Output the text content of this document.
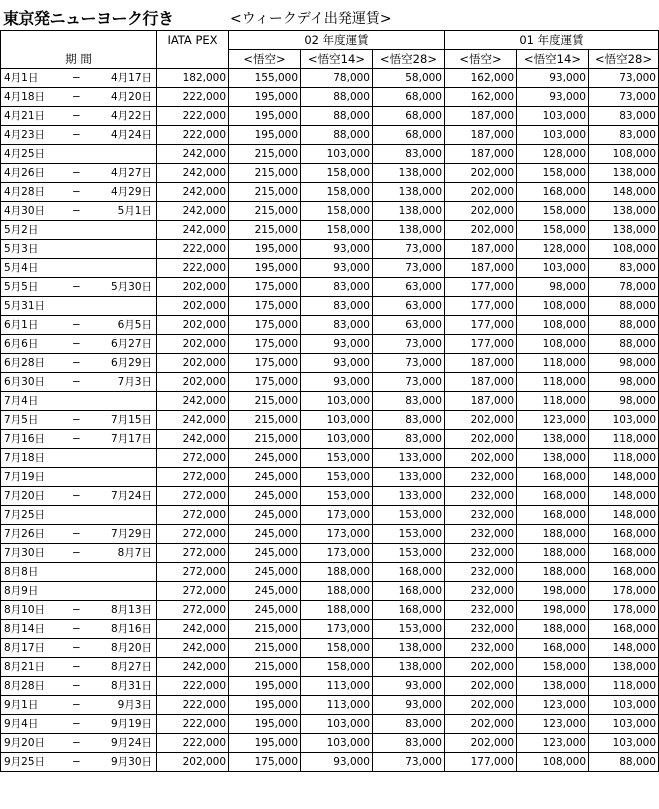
東京発ニューヨーク行き	<ウィークデイ出発運賃>
期 間	IATA PEX	02 年度運賃			01 年度運賃		
		<悟空>	<悟空14>	<悟空28>	<悟空>	<悟空14>	<悟空28>

4月1日 − 4月17日	182,000	155,000	78,000	58,000	162,000	93,000	73,000

4月18日 − 4月20日	222,000	195,000	88,000	68,000	162,000	93,000	73,000

4月21日 − 4月22日	222,000	195,000	88,000	68,000	187,000	103,000	83,000

4月23日 − 4月24日	222,000	195,000	88,000	68,000	187,000	103,000	83,000

4月25日	242,000	215,000	103,000	83,000	187,000	128,000	108,000

4月26日 − 4月27日	242,000	215,000	158,000	138,000	202,000	158,000	138,000

4月28日 − 4月29日	242,000	215,000	158,000	138,000	202,000	168,000	148,000

4月30日 − 5月1日	242,000	215,000	158,000	138,000	202,000	158,000	138,000

5月2日	242,000	215,000	158,000	138,000	202,000	158,000	138,000

5月3日	222,000	195,000	93,000	73,000	187,000	128,000	108,000

5月4日	222,000	195,000	93,000	73,000	187,000	103,000	83,000

5月5日 − 5月30日	202,000	175,000	83,000	63,000	177,000	98,000	78,000

5月31日	202,000	175,000	83,000	63,000	177,000	108,000	88,000

6月1日 − 6月5日	202,000	175,000	83,000	63,000	177,000	108,000	88,000

6月6日 − 6月27日	202,000	175,000	93,000	73,000	177,000	108,000	88,000

6月28日 − 6月29日	202,000	175,000	93,000	73,000	187,000	118,000	98,000

6月30日 − 7月3日	202,000	175,000	93,000	73,000	187,000	118,000	98,000

7月4日	242,000	215,000	103,000	83,000	187,000	118,000	98,000

7月5日 − 7月15日	242,000	215,000	103,000	83,000	202,000	123,000	103,000

7月16日 − 7月17日	242,000	215,000	103,000	83,000	202,000	138,000	118,000

7月18日	272,000	245,000	153,000	133,000	202,000	138,000	118,000

7月19日	272,000	245,000	153,000	133,000	232,000	168,000	148,000

7月20日 − 7月24日	272,000	245,000	153,000	133,000	232,000	168,000	148,000

7月25日	272,000	245,000	173,000	153,000	232,000	168,000	148,000

7月26日 − 7月29日	272,000	245,000	173,000	153,000	232,000	188,000	168,000

7月30日 − 8月7日	272,000	245,000	173,000	153,000	232,000	188,000	168,000

8月8日	272,000	245,000	188,000	168,000	232,000	188,000	168,000

8月9日	272,000	245,000	188,000	168,000	232,000	198,000	178,000

8月10日 − 8月13日	272,000	245,000	188,000	168,000	232,000	198,000	178,000

8月14日 − 8月16日	242,000	215,000	173,000	153,000	232,000	188,000	168,000

8月17日 − 8月20日	242,000	215,000	158,000	138,000	232,000	168,000	148,000

8月21日 − 8月27日	242,000	215,000	158,000	138,000	202,000	158,000	138,000

8月28日 − 8月31日	222,000	195,000	113,000	93,000	202,000	138,000	118,000

9月1日 − 9月3日	222,000	195,000	113,000	93,000	202,000	123,000	103,000

9月4日 − 9月19日	222,000	195,000	103,000	83,000	202,000	123,000	103,000

9月20日 − 9月24日	222,000	195,000	103,000	83,000	202,000	123,000	103,000

9月25日 − 9月30日	202,000	175,000	93,000	73,000	177,000	108,000	88,000
